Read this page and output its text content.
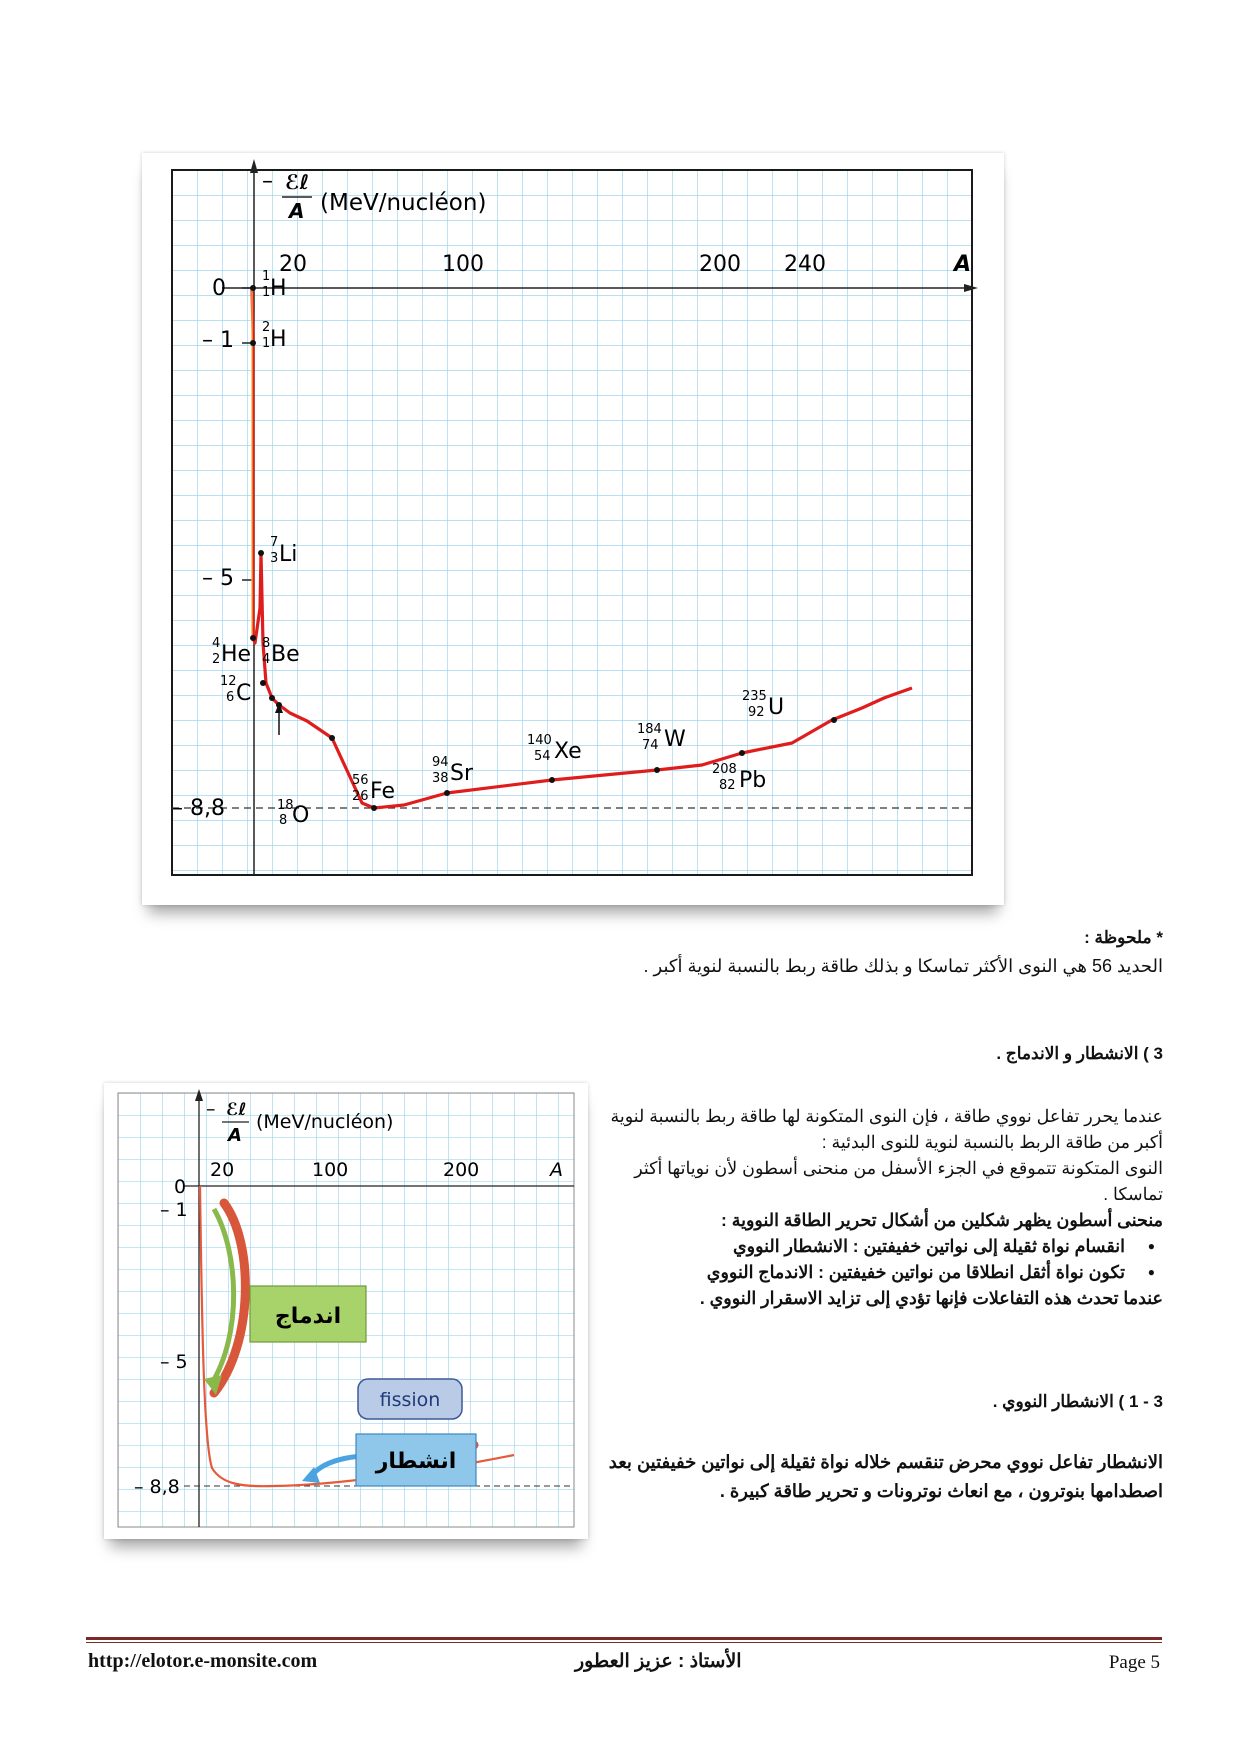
– ℰℓ
A (MeV/nucléon)
20	100	200 240	A
0
– 1
– 5
– 8,8
1
1 H
2
1 H
7
3 Li
4
2 He 8
4 Be
12
6 C
18
8 O
56
26 Fe
94
38 Sr
140
54 Xe
184
74 W
208
82 Pb
235
92 U
* ملحوظة :
الحديد 56 هي النوى الأكثر تماسكا و بذلك طاقة ربط بالنسبة لنوية أكبر .
3 ) الانشطار و الاندماج .
عندما يحرر تفاعل نووي طاقة ، فإن النوى المتكونة لها طاقة ربط بالنسبة لنوية أكبر من طاقة الربط بالنسبة لنوية للنوى البدئية :
النوى المتكونة تتموقع في الجزء الأسفل من منحنى أسطون لأن نوياتها أكثر تماسكا .
منحنى أسطون يظهر شكلين من أشكال تحرير الطاقة النووية :
● انقسام نواة ثقيلة إلى نواتين خفيفتين : الانشطار النووي
● تكون نواة أثقل انطلاقا من نواتين خفيفتين : الاندماج النووي
عندما تحدث هذه التفاعلات فإنها تؤدي إلى تزايد الاسقرار النووي .
– ℰℓ
A
(MeV/nucléon)
20	100	200	A
0
– 1
– 5
– 8,8
اندماج
fission
انشطار
3 - 1 ) الانشطار النووي .
الانشطار تفاعل نووي محرض تنقسم خلاله نواة ثقيلة إلى نواتين خفيفتين بعد اصطدامها بنوترون ، مع انعاث نوترونات و تحرير طاقة كبيرة .
http://elotor.e-monsite.com	الأستاذ : عزيز العطور	Page 5
